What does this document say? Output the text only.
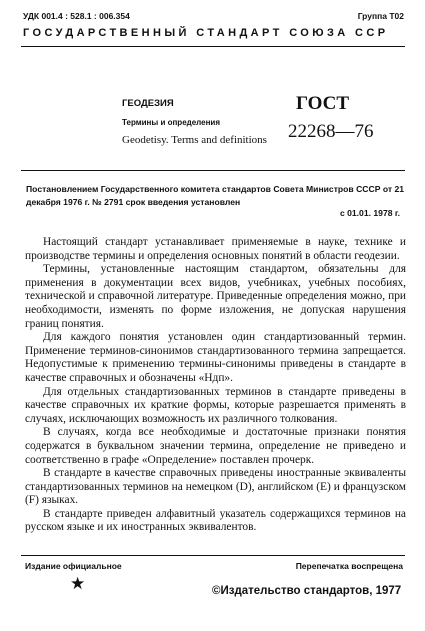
УДК 001.4 : 528.1 : 006.354	Группа Т02
ГОСУДАРСТВЕННЫЙ СТАНДАРТ СОЮЗА ССР
ГЕОДЕЗИЯ
Термины и определения
Geodetisy. Terms and definitions
ГОСТ
22268—76
Постановлением Государственного комитета стандартов Совета Министров СССР от 21 декабря 1976 г. № 2791 срок введения установлен
с 01.01. 1978 г.

Настоящий стандарт устанавливает применяемые в науке, технике и производстве термины и определения основных понятий в области геодезии.

Термины, установленные настоящим стандартом, обязательны для применения в документации всех видов, учебниках, учебных пособиях, технической и справочной литературе. Приведенные определения можно, при необходимости, изменять по форме изложения, не допуская нарушения границ понятия.

Для каждого понятия установлен один стандартизованный термин. Применение терминов-синонимов стандартизованного термина запрещается. Недопустимые к применению термины-синонимы приведены в стандарте в качестве справочных и обозначены «Ндп».

Для отдельных стандартизованных терминов в стандарте приведены в качестве справочных их краткие формы, которые разрешается применять в случаях, исключающих возможность их различного толкования.

В случаях, когда все необходимые и достаточные признаки понятия содержатся в буквальном значении термина, определение не приведено и соответственно в графе «Определение» поставлен прочерк.

В стандарте в качестве справочных приведены иностранные эквиваленты стандартизованных терминов на немецком (D), английском (E) и французском (F) языках.

В стандарте приведен алфавитный указатель содержащихся терминов на русском языке и их иностранных эквивалентов.

Издание официальное	Перепечатка воспрещена
★	©Издательство стандартов, 1977
